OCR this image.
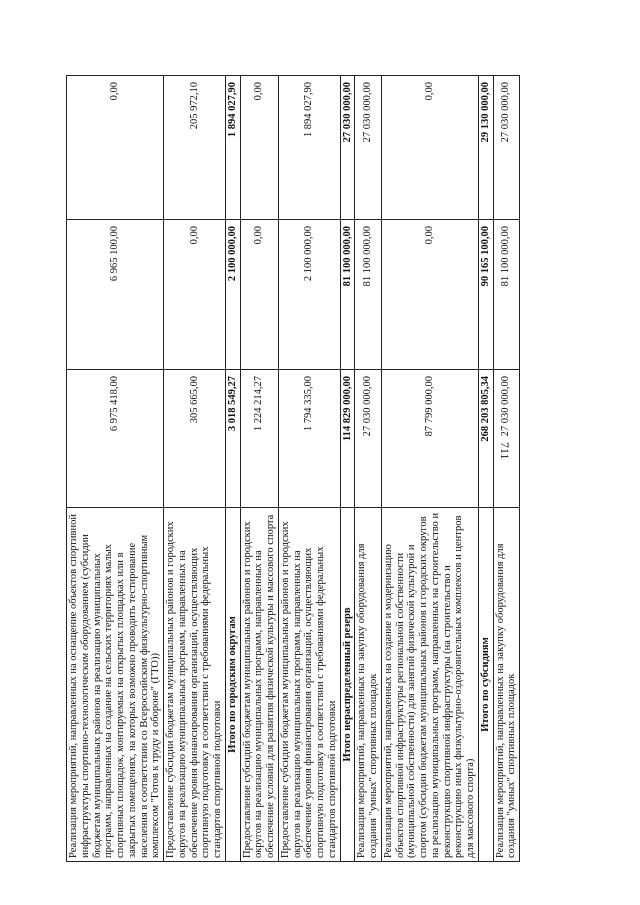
711
Реализация мероприятий, направленных на оснащение объектов спортивной инфраструктуры спортивно-технологическим оборудованием (субсидии бюджетам муниципальных районов на реализацию муниципальных программ, направленных на создание на сельских территориях малых спортивных площадок, монтируемых на открытых площадках или в закрытых помещениях, на которых возможно проводить тестирование населения в соответствии со Всероссийским физкультурно-спортивным комплексом "Готов к труду и обороне" (ГТО))	6 975 418,00	6 965 100,00	0,00
Предоставление субсидии бюджетам муниципальных районов и городских округов на реализацию муниципальных программ, направленных на обеспечение уровня финансирования организаций, осуществляющих спортивную подготовку в соответствии с требованиями федеральных стандартов спортивной подготовки	305 665,00	0,00	205 972,10
Итого по городским округам	3 018 549,27	2 100 000,00	1 894 027,90
Предоставление субсидий бюджетам муниципальных районов и городских округов на реализацию муниципальных программ, направленных на обеспечение условий для развития физической культуры и массового спорта	1 224 214,27	0,00	0,00
Предоставление субсидии бюджетам муниципальных районов и городских округов на реализацию муниципальных программ, направленных на обеспечение уровня финансирования организаций, осуществляющих спортивную подготовку в соответствии с требованиями федеральных стандартов спортивной подготовки	1 794 335,00	2 100 000,00	1 894 027,90
Итого нераспределенный резерв	114 829 000,00	81 100 000,00	27 030 000,00
Реализация мероприятий, направленных на закупку оборудования для создания "умных" спортивных площадок	27 030 000,00	81 100 000,00	27 030 000,00
Реализация мероприятий, направленных на создание и модернизацию объектов спортивной инфраструктуры региональной собственности (муниципальной собственности) для занятий физической культурой и спортом (субсидии бюджетам муниципальных районов и городских округов на реализацию муниципальных программ, направленных на строительство и реконструкцию спортивной инфраструктуры (на строительство и реконструкцию иных физкультурно-оздоровительных комплексов и центров для массового спорта)	87 799 000,00	0,00	0,00
Итого по субсидиям	268 203 805,34	90 165 100,00	29 130 000,00
Реализация мероприятий, направленных на закупку оборудования для создания "умных" спортивных площадок	27 030 000,00	81 100 000,00	27 030 000,00
